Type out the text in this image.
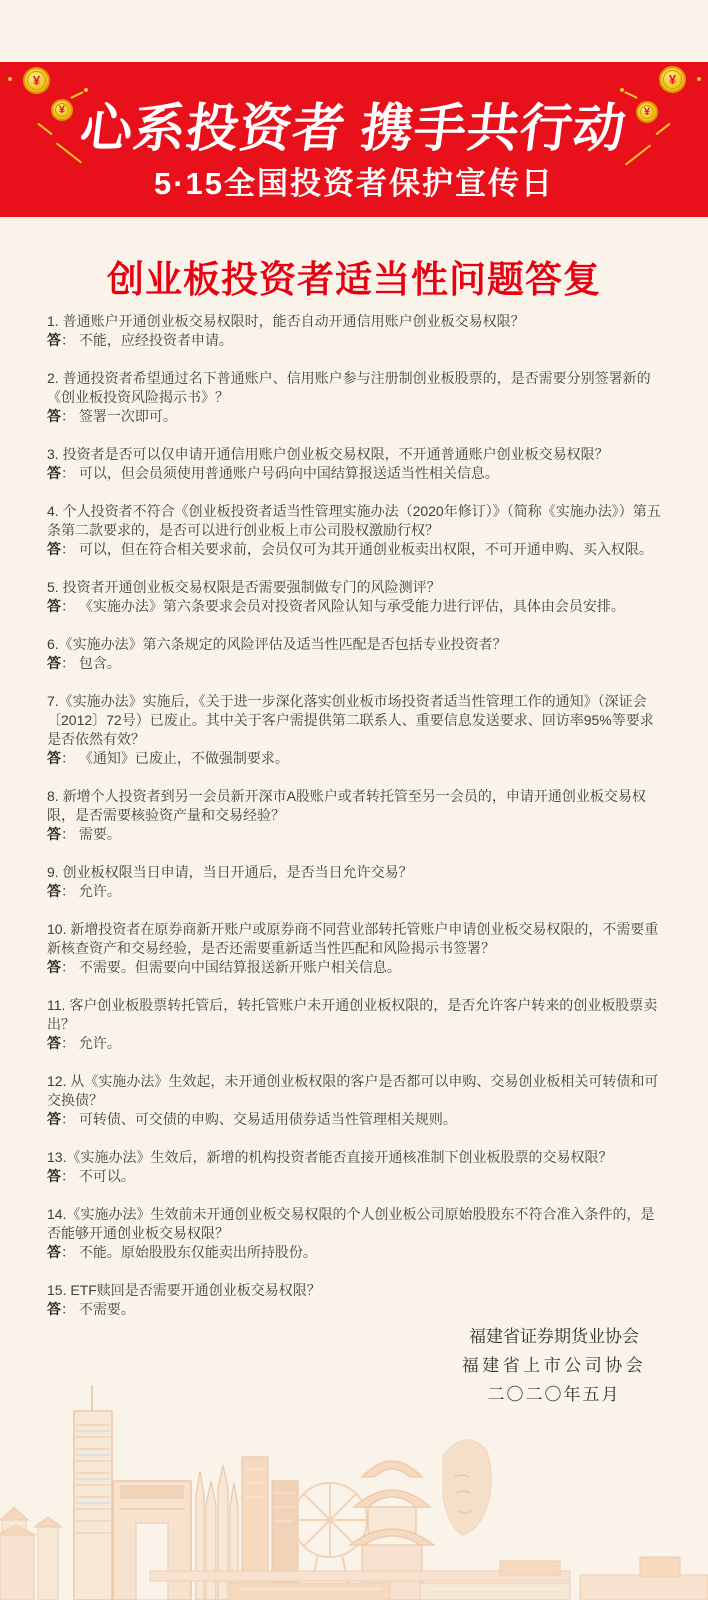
¥
¥
¥
¥
心系投资者 携手共行动
5·15全国投资者保护宣传日
创业板投资者适当性问题答复

1. 普通账户开通创业板交易权限时，能否自动开通信用账户创业板交易权限？

答： 不能，应经投资者申请。

2. 普通投资者希望通过名下普通账户、信用账户参与注册制创业板股票的，是否需要分别签署新的《创业板投资风险揭示书》？

答： 签署一次即可。

3. 投资者是否可以仅申请开通信用账户创业板交易权限，不开通普通账户创业板交易权限？

答： 可以，但会员须使用普通账户号码向中国结算报送适当性相关信息。

4. 个人投资者不符合《创业板投资者适当性管理实施办法（2020年修订）》（简称《实施办法》）第五条第二款要求的，是否可以进行创业板上市公司股权激励行权？

答： 可以，但在符合相关要求前，会员仅可为其开通创业板卖出权限，不可开通申购、买入权限。

5. 投资者开通创业板交易权限是否需要强制做专门的风险测评？

答： 《实施办法》第六条要求会员对投资者风险认知与承受能力进行评估，具体由会员安排。

6.《实施办法》第六条规定的风险评估及适当性匹配是否包括专业投资者？

答： 包含。

7.《实施办法》实施后，《关于进一步深化落实创业板市场投资者适当性管理工作的通知》（深证会〔2012〕72号）已废止。其中关于客户需提供第二联系人、重要信息发送要求、回访率95%等要求是否依然有效？

答： 《通知》已废止，不做强制要求。

8. 新增个人投资者到另一会员新开深市A股账户或者转托管至另一会员的，申请开通创业板交易权限，是否需要核验资产量和交易经验？

答： 需要。

9. 创业板权限当日申请，当日开通后，是否当日允许交易？

答： 允许。

10. 新增投资者在原券商新开账户或原券商不同营业部转托管账户申请创业板交易权限的，不需要重新核查资产和交易经验，是否还需要重新适当性匹配和风险揭示书签署？

答： 不需要。但需要向中国结算报送新开账户相关信息。

11. 客户创业板股票转托管后，转托管账户未开通创业板权限的，是否允许客户转来的创业板股票卖出？

答： 允许。

12. 从《实施办法》生效起，未开通创业板权限的客户是否都可以申购、交易创业板相关可转债和可交换债？

答： 可转债、可交债的申购、交易适用债券适当性管理相关规则。

13.《实施办法》生效后，新增的机构投资者能否直接开通核准制下创业板股票的交易权限？

答： 不可以。

14.《实施办法》生效前未开通创业板交易权限的个人创业板公司原始股股东不符合准入条件的，是否能够开通创业板交易权限？

答： 不能。原始股股东仅能卖出所持股份。

15. ETF赎回是否需要开通创业板交易权限？

答： 不需要。

福建省证券期货业协会
福建省上市公司协会
二〇二〇年五月
